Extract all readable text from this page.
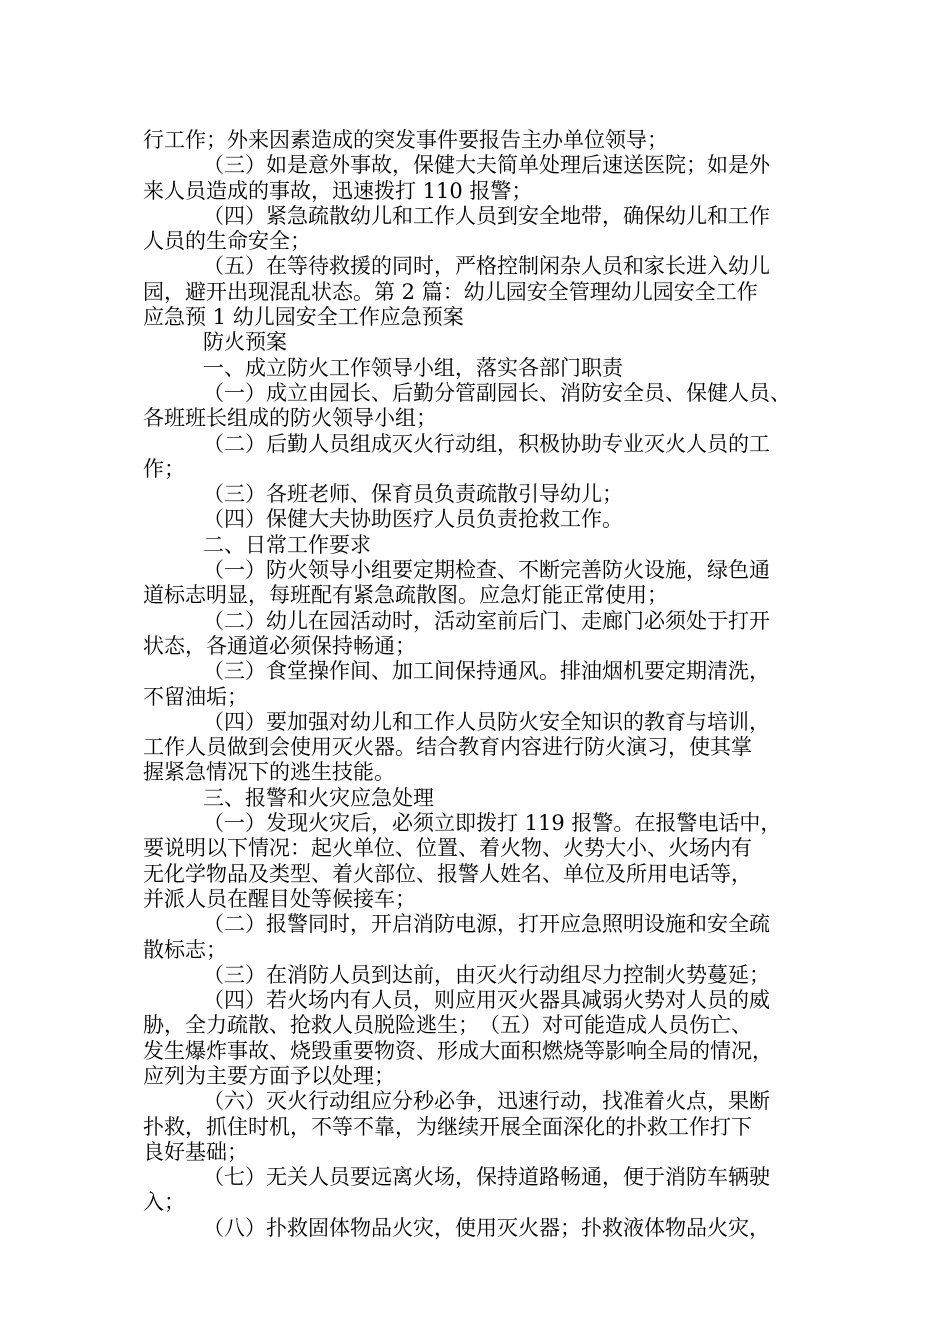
行工作；外来因素造成的突发事件要报告主办单位领导；
（三）如是意外事故，保健大夫简单处理后速送医院；如是外
来人员造成的事故，迅速拨打 110 报警；
（四）紧急疏散幼儿和工作人员到安全地带，确保幼儿和工作
人员的生命安全；
（五）在等待救援的同时，严格控制闲杂人员和家长进入幼儿
园，避开出现混乱状态。第 2 篇：幼儿园安全管理幼儿园安全工作
应急预 1 幼儿园安全工作应急预案
防火预案
一、成立防火工作领导小组，落实各部门职责
（一）成立由园长、后勤分管副园长、消防安全员、保健人员、
各班班长组成的防火领导小组；
（二）后勤人员组成灭火行动组，积极协助专业灭火人员的工
作；
（三）各班老师、保育员负责疏散引导幼儿；
（四）保健大夫协助医疗人员负责抢救工作。
二、日常工作要求
（一）防火领导小组要定期检查、不断完善防火设施，绿色通
道标志明显，每班配有紧急疏散图。应急灯能正常使用；
（二）幼儿在园活动时，活动室前后门、走廊门必须处于打开
状态，各通道必须保持畅通；
（三）食堂操作间、加工间保持通风。排油烟机要定期清洗，
不留油垢；
（四）要加强对幼儿和工作人员防火安全知识的教育与培训，
工作人员做到会使用灭火器。结合教育内容进行防火演习，使其掌
握紧急情况下的逃生技能。
三、报警和火灾应急处理
（一）发现火灾后，必须立即拨打 119 报警。在报警电话中，
要说明以下情况：起火单位、位置、着火物、火势大小、火场内有
无化学物品及类型、着火部位、报警人姓名、单位及所用电话等，
并派人员在醒目处等候接车；
（二）报警同时，开启消防电源，打开应急照明设施和安全疏
散标志；
（三）在消防人员到达前，由灭火行动组尽力控制火势蔓延；
（四）若火场内有人员，则应用灭火器具减弱火势对人员的威
胁，全力疏散、抢救人员脱险逃生；　（五）对可能造成人员伤亡、
发生爆炸事故、烧毁重要物资、形成大面积燃烧等影响全局的情况，
应列为主要方面予以处理；
（六）灭火行动组应分秒必争，迅速行动，找准着火点，果断
扑救，抓住时机，不等不靠，为继续开展全面深化的扑救工作打下
良好基础；
（七）无关人员要远离火场，保持道路畅通，便于消防车辆驶
入；
（八）扑救固体物品火灾，使用灭火器；扑救液体物品火灾，
